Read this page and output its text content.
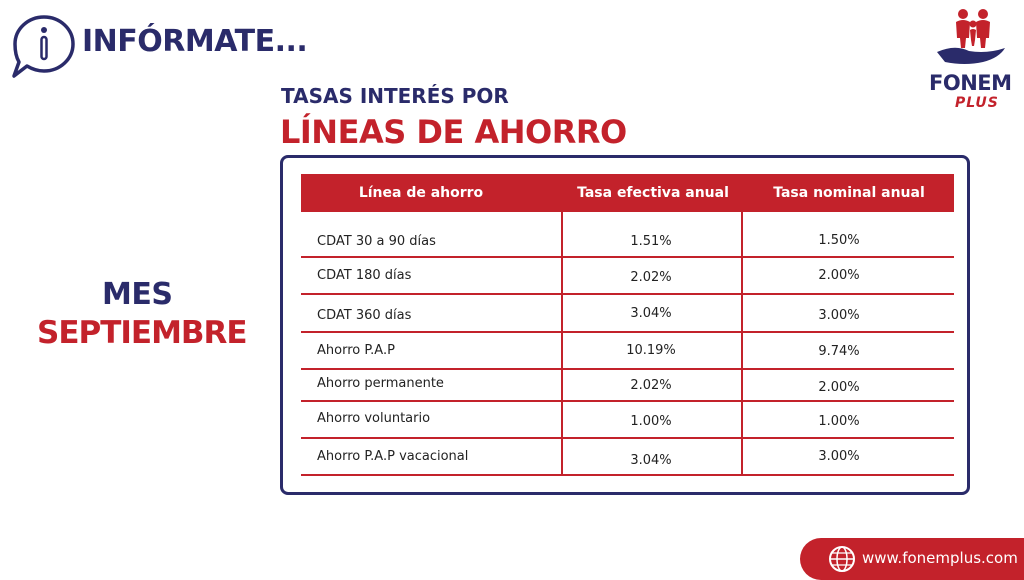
INFÓRMATE...
TASAS INTERÉS POR
LÍNEAS DE AHORRO
MES
SEPTIEMBRE
FONEM
PLUS
Línea de ahorro	Tasa efectiva anual	Tasa nominal anual
CDAT 30 a 90 días	1.51%	1.50%
CDAT 180 días	2.02%	2.00%
CDAT 360 días	3.04%	3.00%
Ahorro P.A.P	10.19%	9.74%
Ahorro permanente	2.02%	2.00%
Ahorro voluntario	1.00%	1.00%
Ahorro P.A.P vacacional	3.04%	3.00%
www.fonemplus.com
